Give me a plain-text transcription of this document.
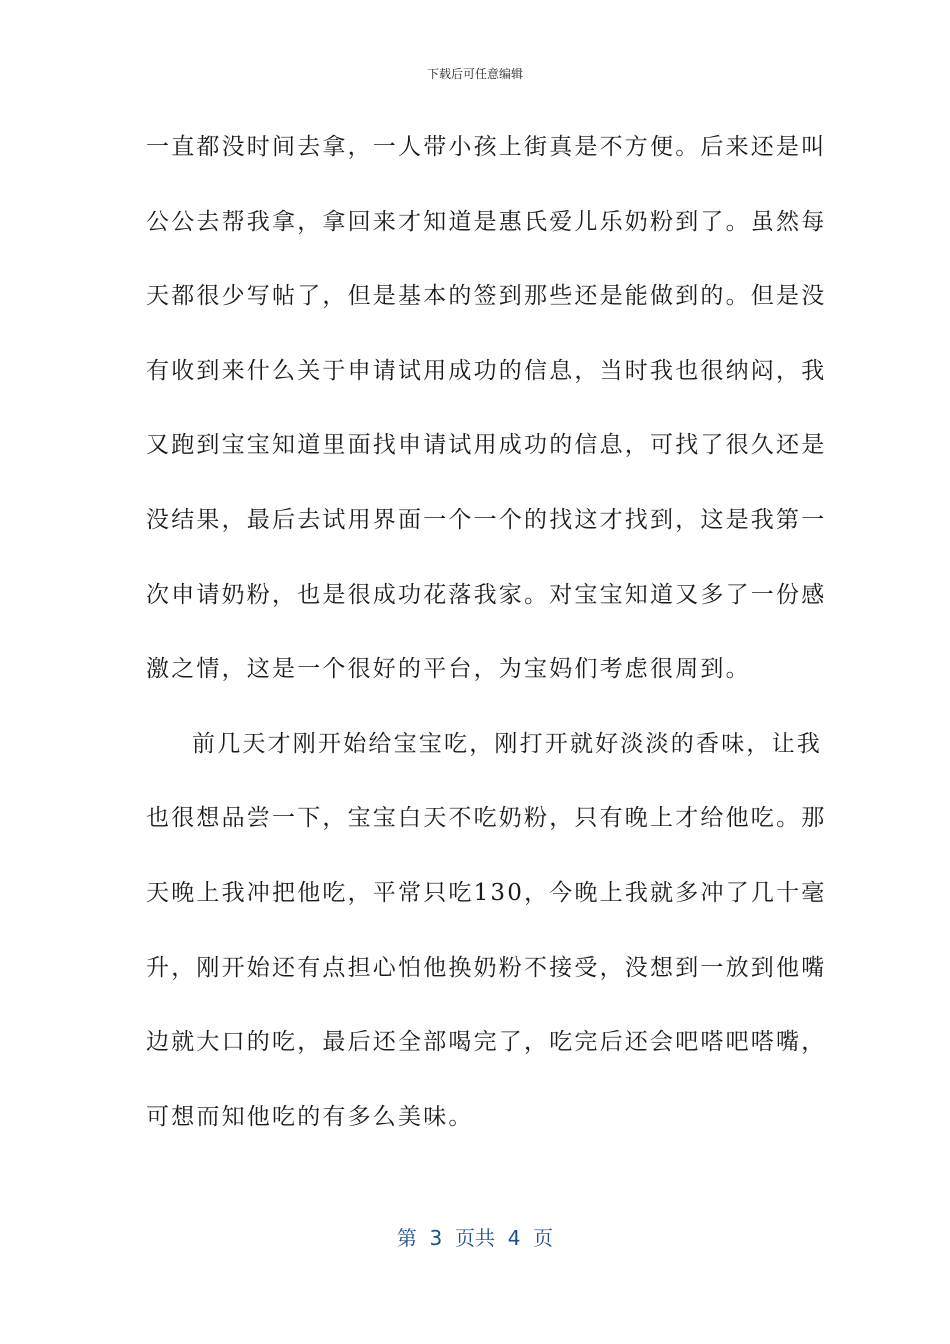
下载后可任意编辑
一直都没时间去拿，一人带小孩上街真是不方便。后来还是叫
公公去帮我拿，拿回来才知道是惠氏爱儿乐奶粉到了。虽然每
天都很少写帖了，但是基本的签到那些还是能做到的。但是没
有收到来什么关于申请试用成功的信息，当时我也很纳闷，我
又跑到宝宝知道里面找申请试用成功的信息，可找了很久还是
没结果，最后去试用界面一个一个的找这才找到，这是我第一
次申请奶粉，也是很成功花落我家。对宝宝知道又多了一份感
激之情，这是一个很好的平台，为宝妈们考虑很周到。
前几天才刚开始给宝宝吃，刚打开就好淡淡的香味，让我
也很想品尝一下，宝宝白天不吃奶粉，只有晚上才给他吃。那
天晚上我冲把他吃，平常只吃130，今晚上我就多冲了几十毫
升，刚开始还有点担心怕他换奶粉不接受，没想到一放到他嘴
边就大口的吃，最后还全部喝完了，吃完后还会吧嗒吧嗒嘴，
可想而知他吃的有多么美味。
第  3  页共  4  页
